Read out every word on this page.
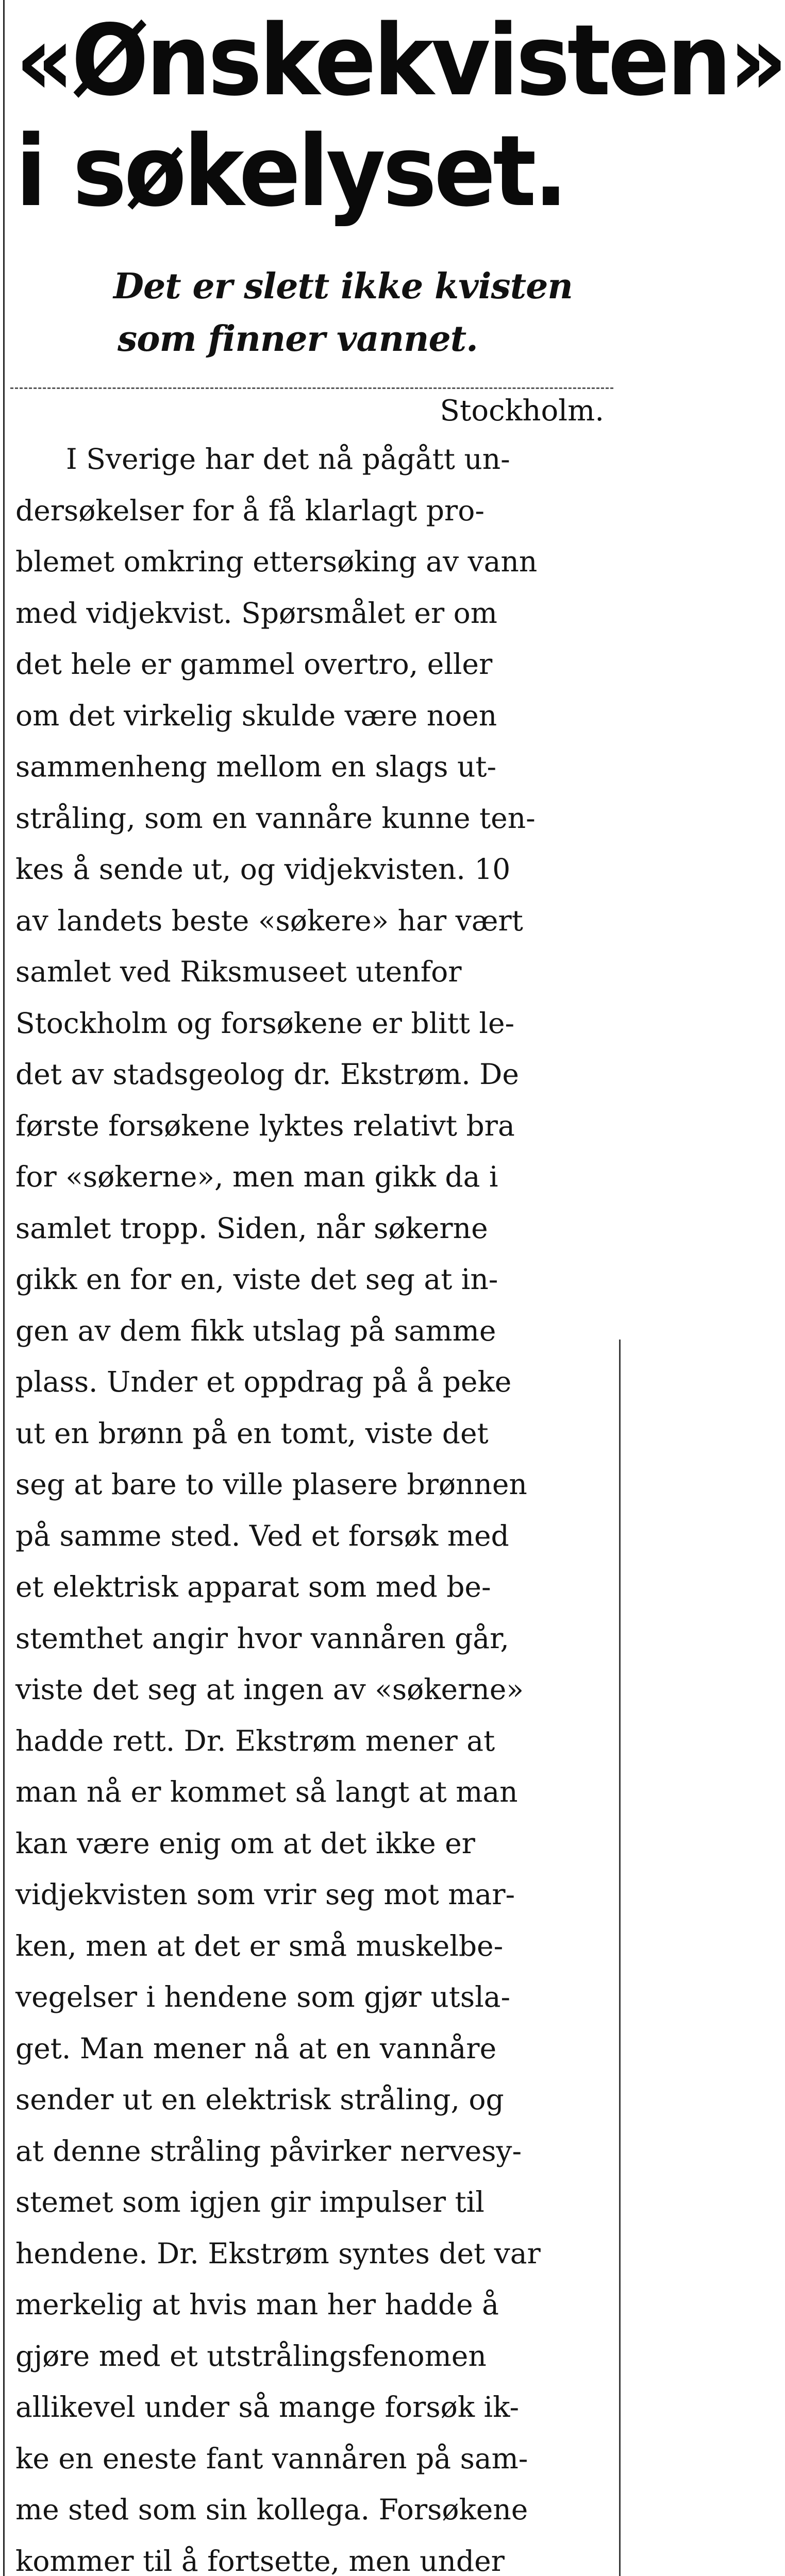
«Ønskekvisten»
i søkelyset.
Det er slett ikke kvisten
som finner vannet.

Stockholm.

I Sverige har det nå pågått un-
dersøkelser for å få klarlagt pro-
blemet omkring ettersøking av vann
med vidjekvist. Spørsmålet er om
det hele er gammel overtro, eller
om det virkelig skulde være noen
sammenheng mellom en slags ut-
stråling, som en vannåre kunne ten-
kes å sende ut, og vidjekvisten. 10
av landets beste «søkere» har vært
samlet ved Riksmuseet utenfor
Stockholm og forsøkene er blitt le-
det av stadsgeolog dr. Ekstrøm. De
første forsøkene lyktes relativt bra
for «søkerne», men man gikk da i
samlet tropp. Siden, når søkerne
gikk en for en, viste det seg at in-
gen av dem fikk utslag på samme
plass. Under et oppdrag på å peke
ut en brønn på en tomt, viste det
seg at bare to ville plasere brønnen
på samme sted. Ved et forsøk med
et elektrisk apparat som med be-
stemthet angir hvor vannåren går,
viste det seg at ingen av «søkerne»
hadde rett. Dr. Ekstrøm mener at
man nå er kommet så langt at man
kan være enig om at det ikke er
vidjekvisten som vrir seg mot mar-
ken, men at det er små muskelbe-
vegelser i hendene som gjør utsla-
get. Man mener nå at en vannåre
sender ut en elektrisk stråling, og
at denne stråling påvirker nervesy-
stemet som igjen gir impulser til
hendene. Dr. Ekstrøm syntes det var
merkelig at hvis man her hadde å
gjøre med et utstrålingsfenomen
allikevel under så mange forsøk ik-
ke en eneste fant vannåren på sam-
me sted som sin kollega. Forsøkene
kommer til å fortsette, men under
